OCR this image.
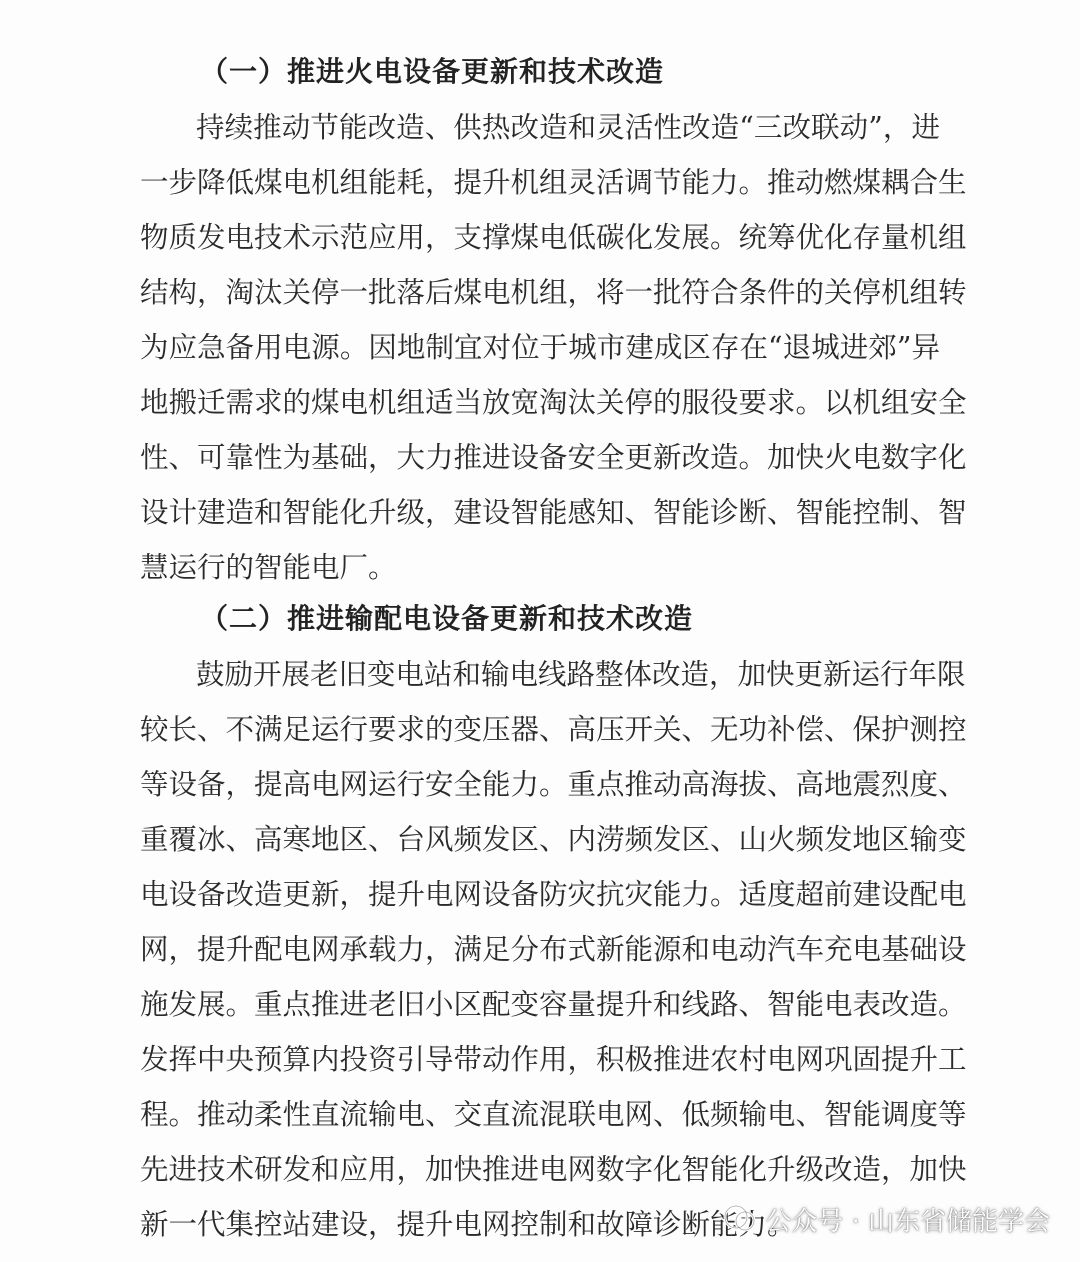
（一）推进火电设备更新和技术改造
持续推动节能改造、供热改造和灵活性改造“三改联动”，进
一步降低煤电机组能耗，提升机组灵活调节能力。推动燃煤耦合生
物质发电技术示范应用，支撑煤电低碳化发展。统筹优化存量机组
结构，淘汰关停一批落后煤电机组，将一批符合条件的关停机组转
为应急备用电源。因地制宜对位于城市建成区存在“退城进郊”异
地搬迁需求的煤电机组适当放宽淘汰关停的服役要求。以机组安全
性、可靠性为基础，大力推进设备安全更新改造。加快火电数字化
设计建造和智能化升级，建设智能感知、智能诊断、智能控制、智
慧运行的智能电厂。
（二）推进输配电设备更新和技术改造
鼓励开展老旧变电站和输电线路整体改造，加快更新运行年限
较长、不满足运行要求的变压器、高压开关、无功补偿、保护测控
等设备，提高电网运行安全能力。重点推动高海拔、高地震烈度、
重覆冰、高寒地区、台风频发区、内涝频发区、山火频发地区输变
电设备改造更新，提升电网设备防灾抗灾能力。适度超前建设配电
网，提升配电网承载力，满足分布式新能源和电动汽车充电基础设
施发展。重点推进老旧小区配变容量提升和线路、智能电表改造。
发挥中央预算内投资引导带动作用，积极推进农村电网巩固提升工
程。推动柔性直流输电、交直流混联电网、低频输电、智能调度等
先进技术研发和应用，加快推进电网数字化智能化升级改造，加快
新一代集控站建设，提升电网控制和故障诊断能力。
公众号 · 山东省储能学会
